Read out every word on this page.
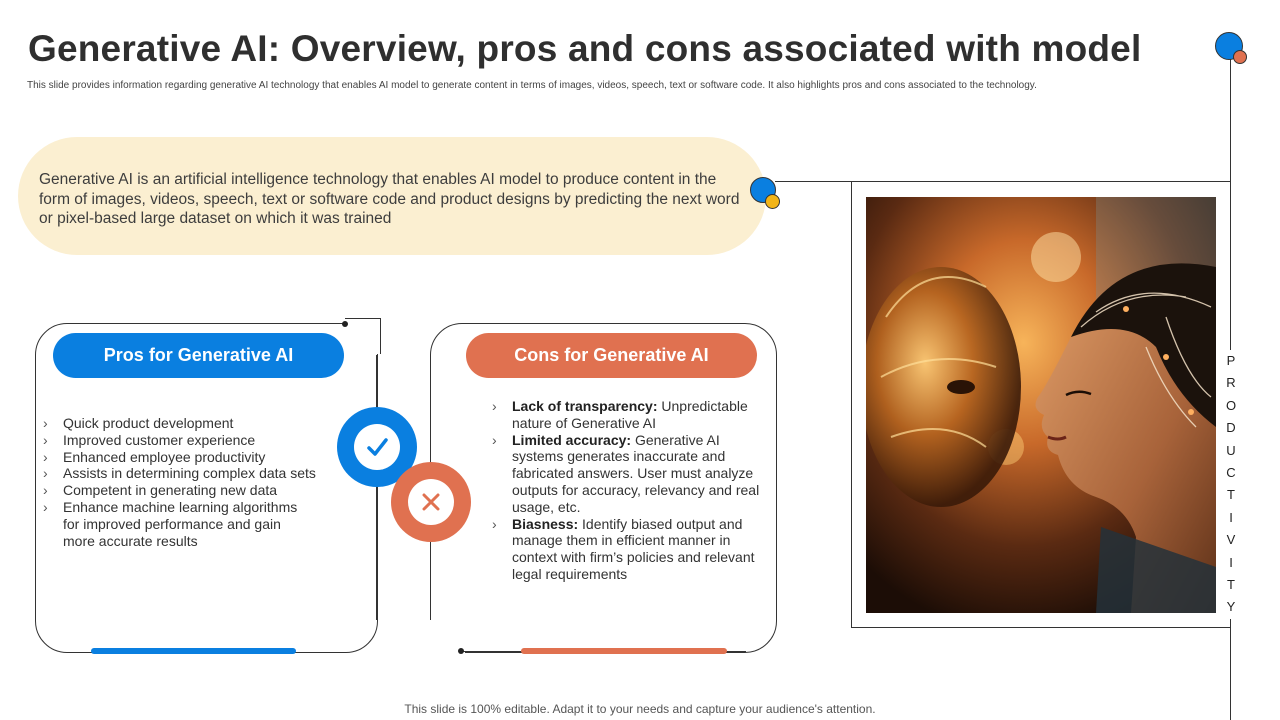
Generative AI: Overview, pros and cons associated with model
This slide provides information regarding generative AI technology that enables AI model to generate content in terms of images, videos, speech, text or software code. It also highlights pros and cons associated to the technology.
Generative AI is an artificial intelligence technology that enables AI model to produce content in the form of images, videos, speech, text or software code and product designs by predicting the next word or pixel-based large dataset on which it was trained
Pros for Generative AI
› Quick product development
› Improved customer experience
› Enhanced employee productivity
› Assists in determining complex data sets
› Competent in generating new data
› Enhance machine learning algorithms for improved performance and gain more accurate results
Cons for Generative AI
› Lack of transparency: Unpredictable nature of Generative AI
› Limited accuracy: Generative AI systems generates inaccurate and fabricated answers. User must analyze outputs for accuracy, relevancy and real usage, etc.
› Biasness: Identify biased output and manage them in efficient manner in context with firm’s policies and relevant legal requirements
P
R
O
D
U
C
T
I
V
I
T
Y
This slide is 100% editable. Adapt it to your needs and capture your audience's attention.
